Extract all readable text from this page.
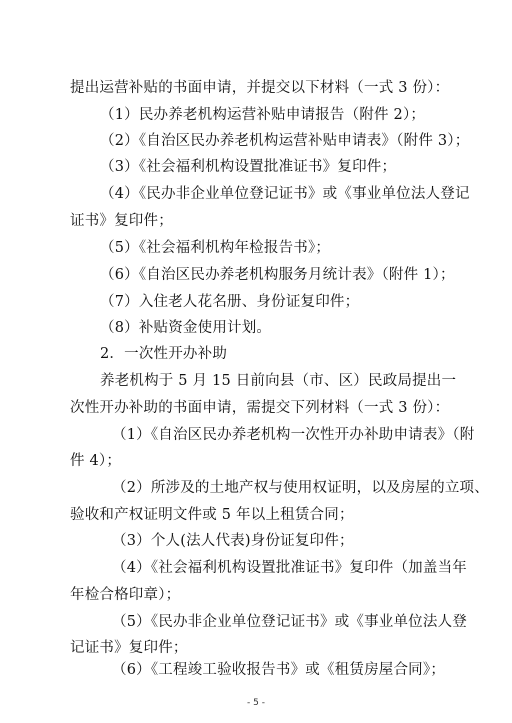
提出运营补贴的书面申请，并提交以下材料（一式 3 份）：
（1）民办养老机构运营补贴申请报告（附件 2）；
（2）《自治区民办养老机构运营补贴申请表》（附件 3）；
（3）《社会福利机构设置批准证书》复印件；
（4）《民办非企业单位登记证书》或《事业单位法人登记
证书》复印件；
（5）《社会福利机构年检报告书》；
（6）《自治区民办养老机构服务月统计表》（附件 1）；
（7）入住老人花名册、身份证复印件；
（8）补贴资金使用计划。
2．一次性开办补助
养老机构于 5 月 15 日前向县（市、区）民政局提出一
次性开办补助的书面申请，需提交下列材料（一式 3 份）：
（1）《自治区民办养老机构一次性开办补助申请表》（附
件 4）；
（2）所涉及的土地产权与使用权证明，以及房屋的立项、
验收和产权证明文件或 5 年以上租赁合同；
（3）个人(法人代表)身份证复印件；
（4）《社会福利机构设置批准证书》复印件（加盖当年
年检合格印章）；
（5）《民办非企业单位登记证书》或《事业单位法人登
记证书》复印件；
（6）《工程竣工验收报告书》或《租赁房屋合同》；
- 5 -
